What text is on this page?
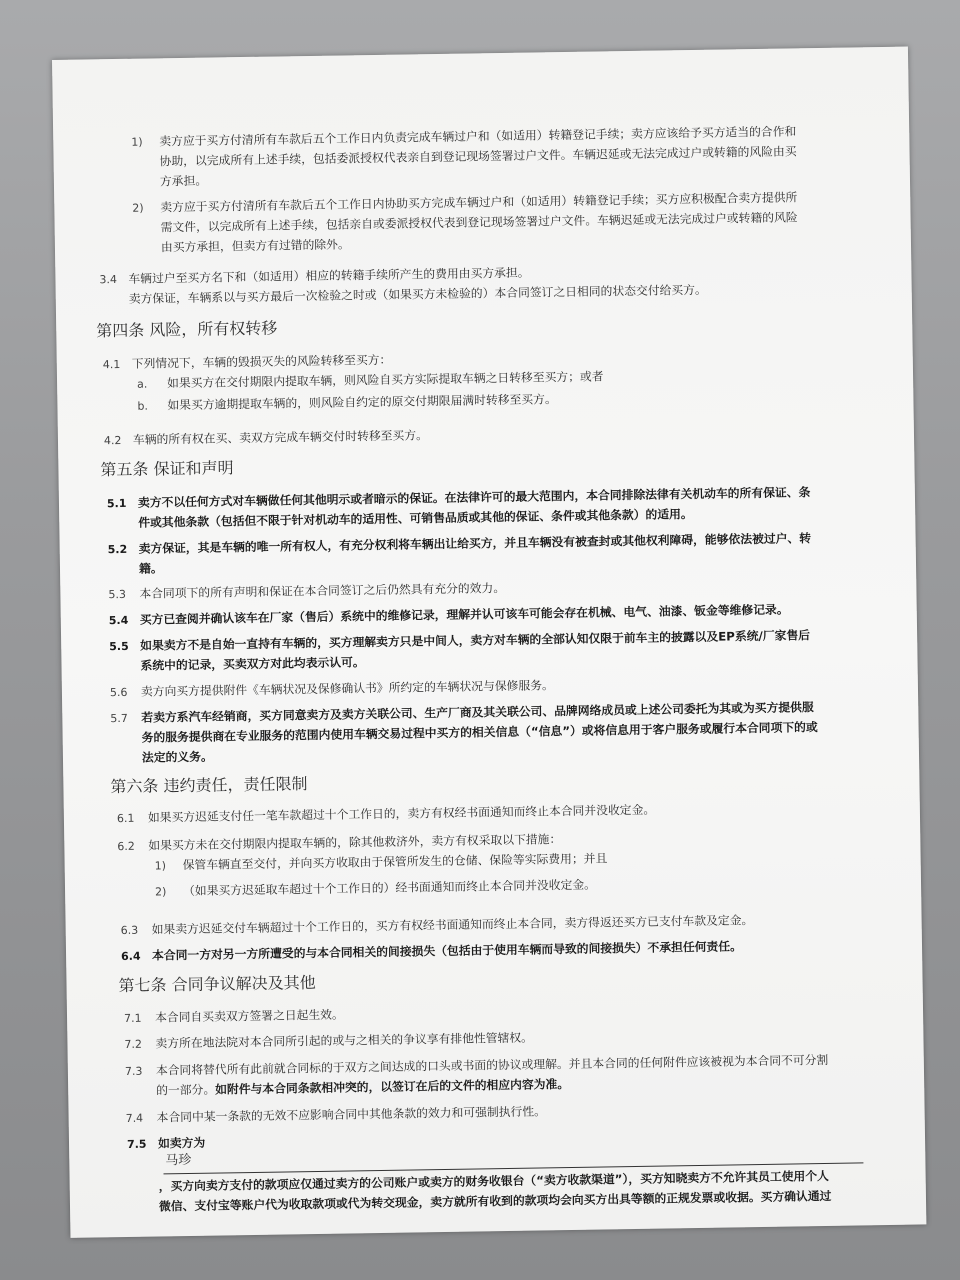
1) 卖方应于买方付清所有车款后五个工作日内负责完成车辆过户和（如适用）转籍登记手续；卖方应该给予买方适当的合作和
协助，以完成所有上述手续，包括委派授权代表亲自到登记现场签署过户文件。车辆迟延或无法完成过户或转籍的风险由买
方承担。
2) 卖方应于买方付清所有车款后五个工作日内协助买方完成车辆过户和（如适用）转籍登记手续；买方应积极配合卖方提供所
需文件，以完成所有上述手续，包括亲自或委派授权代表到登记现场签署过户文件。车辆迟延或无法完成过户或转籍的风险
由买方承担，但卖方有过错的除外。
3.4 车辆过户至买方名下和（如适用）相应的转籍手续所产生的费用由买方承担。
卖方保证，车辆系以与买方最后一次检验之时或（如果买方未检验的）本合同签订之日相同的状态交付给买方。
第四条 风险，所有权转移
4.1 下列情况下，车辆的毁损灭失的风险转移至买方：
a. 如果买方在交付期限内提取车辆，则风险自买方实际提取车辆之日转移至买方；或者
b. 如果买方逾期提取车辆的，则风险自约定的原交付期限届满时转移至买方。
4.2 车辆的所有权在买、卖双方完成车辆交付时转移至买方。
第五条 保证和声明
5.1 卖方不以任何方式对车辆做任何其他明示或者暗示的保证。在法律许可的最大范围内，本合同排除法律有关机动车的所有保证、条
件或其他条款（包括但不限于针对机动车的适用性、可销售品质或其他的保证、条件或其他条款）的适用。
5.2 卖方保证，其是车辆的唯一所有权人，有充分权利将车辆出让给买方，并且车辆没有被查封或其他权利障碍，能够依法被过户、转
籍。
5.3 本合同项下的所有声明和保证在本合同签订之后仍然具有充分的效力。
5.4 买方已查阅并确认该车在厂家（售后）系统中的维修记录，理解并认可该车可能会存在机械、电气、油漆、钣金等维修记录。
5.5 如果卖方不是自始一直持有车辆的，买方理解卖方只是中间人，卖方对车辆的全部认知仅限于前车主的披露以及EP系统/厂家售后
系统中的记录，买卖双方对此均表示认可。
5.6 卖方向买方提供附件《车辆状况及保修确认书》所约定的车辆状况与保修服务。
5.7 若卖方系汽车经销商，买方同意卖方及卖方关联公司、生产厂商及其关联公司、品牌网络成员或上述公司委托为其或为买方提供服
务的服务提供商在专业服务的范围内使用车辆交易过程中买方的相关信息（“信息”）或将信息用于客户服务或履行本合同项下的或
法定的义务。
第六条 违约责任，责任限制
6.1 如果买方迟延支付任一笔车款超过十个工作日的，卖方有权经书面通知而终止本合同并没收定金。
6.2 如果买方未在交付期限内提取车辆的，除其他救济外，卖方有权采取以下措施：
1) 保管车辆直至交付，并向买方收取由于保管所发生的仓储、保险等实际费用；并且
2) （如果买方迟延取车超过十个工作日的）经书面通知而终止本合同并没收定金。
6.3 如果卖方迟延交付车辆超过十个工作日的，买方有权经书面通知而终止本合同，卖方得返还买方已支付车款及定金。
6.4 本合同一方对另一方所遭受的与本合同相关的间接损失（包括由于使用车辆而导致的间接损失）不承担任何责任。
第七条 合同争议解决及其他
7.1 本合同自买卖双方签署之日起生效。
7.2 卖方所在地法院对本合同所引起的或与之相关的争议享有排他性管辖权。
7.3 本合同将替代所有此前就合同标的于双方之间达成的口头或书面的协议或理解。并且本合同的任何附件应该被视为本合同不可分割
的一部分。如附件与本合同条款相冲突的，以签订在后的文件的相应内容为准。
7.4 本合同中某一条款的无效不应影响合同中其他条款的效力和可强制执行性。
7.5 如卖方为
马珍
，买方向卖方支付的款项应仅通过卖方的公司账户或卖方的财务收银台（“卖方收款渠道”），买方知晓卖方不允许其员工使用个人
微信、支付宝等账户代为收取款项或代为转交现金，卖方就所有收到的款项均会向买方出具等额的正规发票或收据。买方确认通过
